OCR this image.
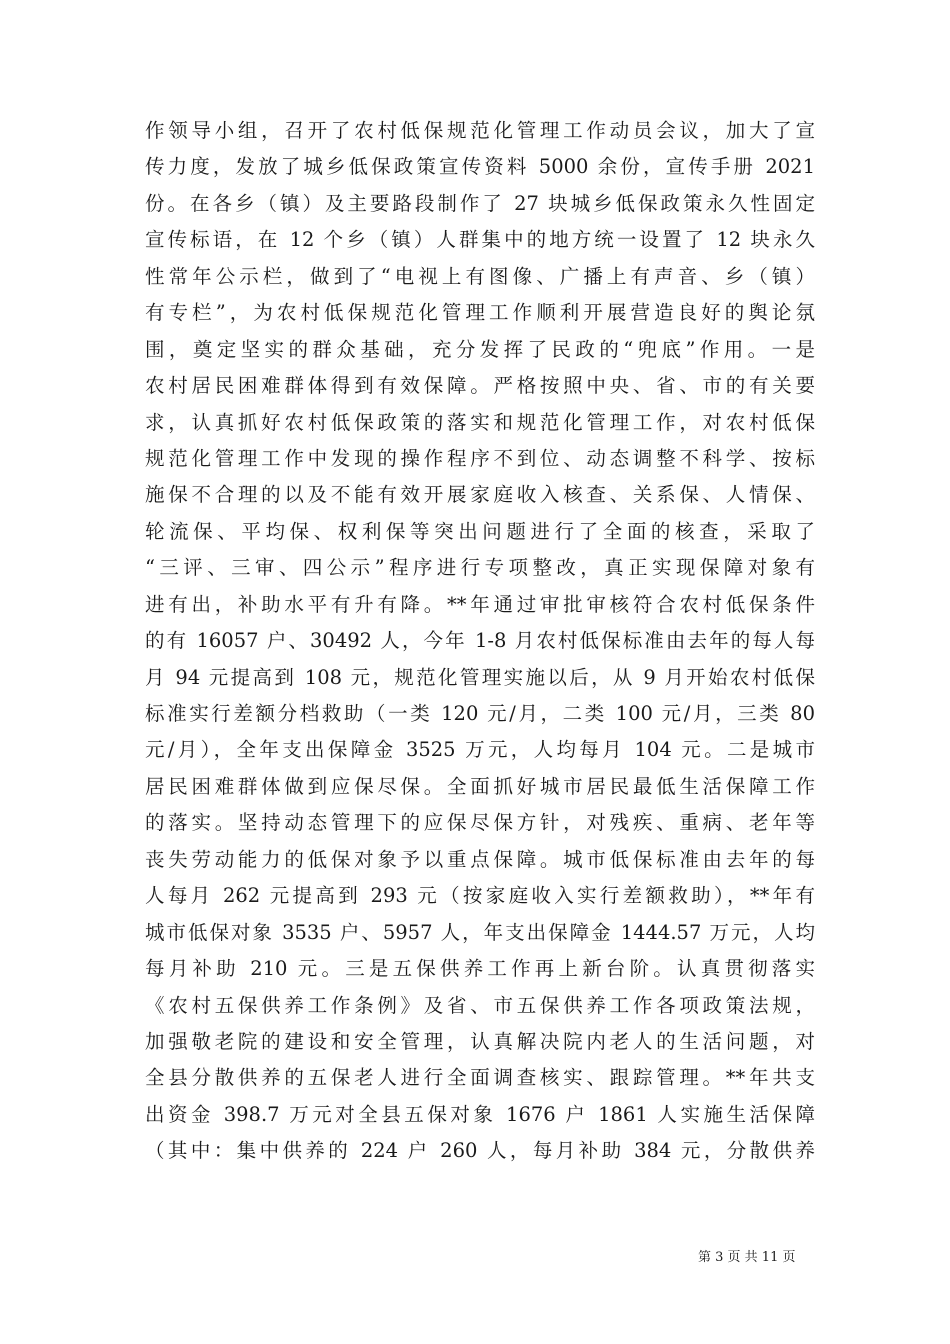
作领导小组，召开了农村低保规范化管理工作动员会议，加大了宣
传力度，发放了城乡低保政策宣传资料 5000 余份，宣传手册 2021
份。在各乡（镇）及主要路段制作了 27 块城乡低保政策永久性固定
宣传标语，在 12 个乡（镇）人群集中的地方统一设置了 12 块永久
性常年公示栏，做到了“电视上有图像、广播上有声音、乡（镇）
有专栏”，为农村低保规范化管理工作顺利开展营造良好的舆论氛
围，奠定坚实的群众基础，充分发挥了民政的“兜底”作用。一是
农村居民困难群体得到有效保障。严格按照中央、省、市的有关要
求，认真抓好农村低保政策的落实和规范化管理工作，对农村低保
规范化管理工作中发现的操作程序不到位、动态调整不科学、按标
施保不合理的以及不能有效开展家庭收入核查、关系保、人情保、
轮流保、平均保、权利保等突出问题进行了全面的核查，采取了
“三评、三审、四公示”程序进行专项整改，真正实现保障对象有
进有出，补助水平有升有降。**年通过审批审核符合农村低保条件
的有 16057 户、30492 人，今年 1-8 月农村低保标准由去年的每人每
月 94 元提高到 108 元，规范化管理实施以后，从 9 月开始农村低保
标准实行差额分档救助（一类 120 元/月，二类 100 元/月，三类 80
元/月），全年支出保障金 3525 万元，人均每月 104 元。二是城市
居民困难群体做到应保尽保。全面抓好城市居民最低生活保障工作
的落实。坚持动态管理下的应保尽保方针，对残疾、重病、老年等
丧失劳动能力的低保对象予以重点保障。城市低保标准由去年的每
人每月 262 元提高到 293 元（按家庭收入实行差额救助），**年有
城市低保对象 3535 户、5957 人，年支出保障金 1444.57 万元，人均
每月补助 210 元。三是五保供养工作再上新台阶。认真贯彻落实
《农村五保供养工作条例》及省、市五保供养工作各项政策法规，
加强敬老院的建设和安全管理，认真解决院内老人的生活问题，对
全县分散供养的五保老人进行全面调查核实、跟踪管理。**年共支
出资金 398.7 万元对全县五保对象 1676 户 1861 人实施生活保障
（其中：集中供养的 224 户 260 人，每月补助 384 元，分散供养
第 3 页 共 11 页
